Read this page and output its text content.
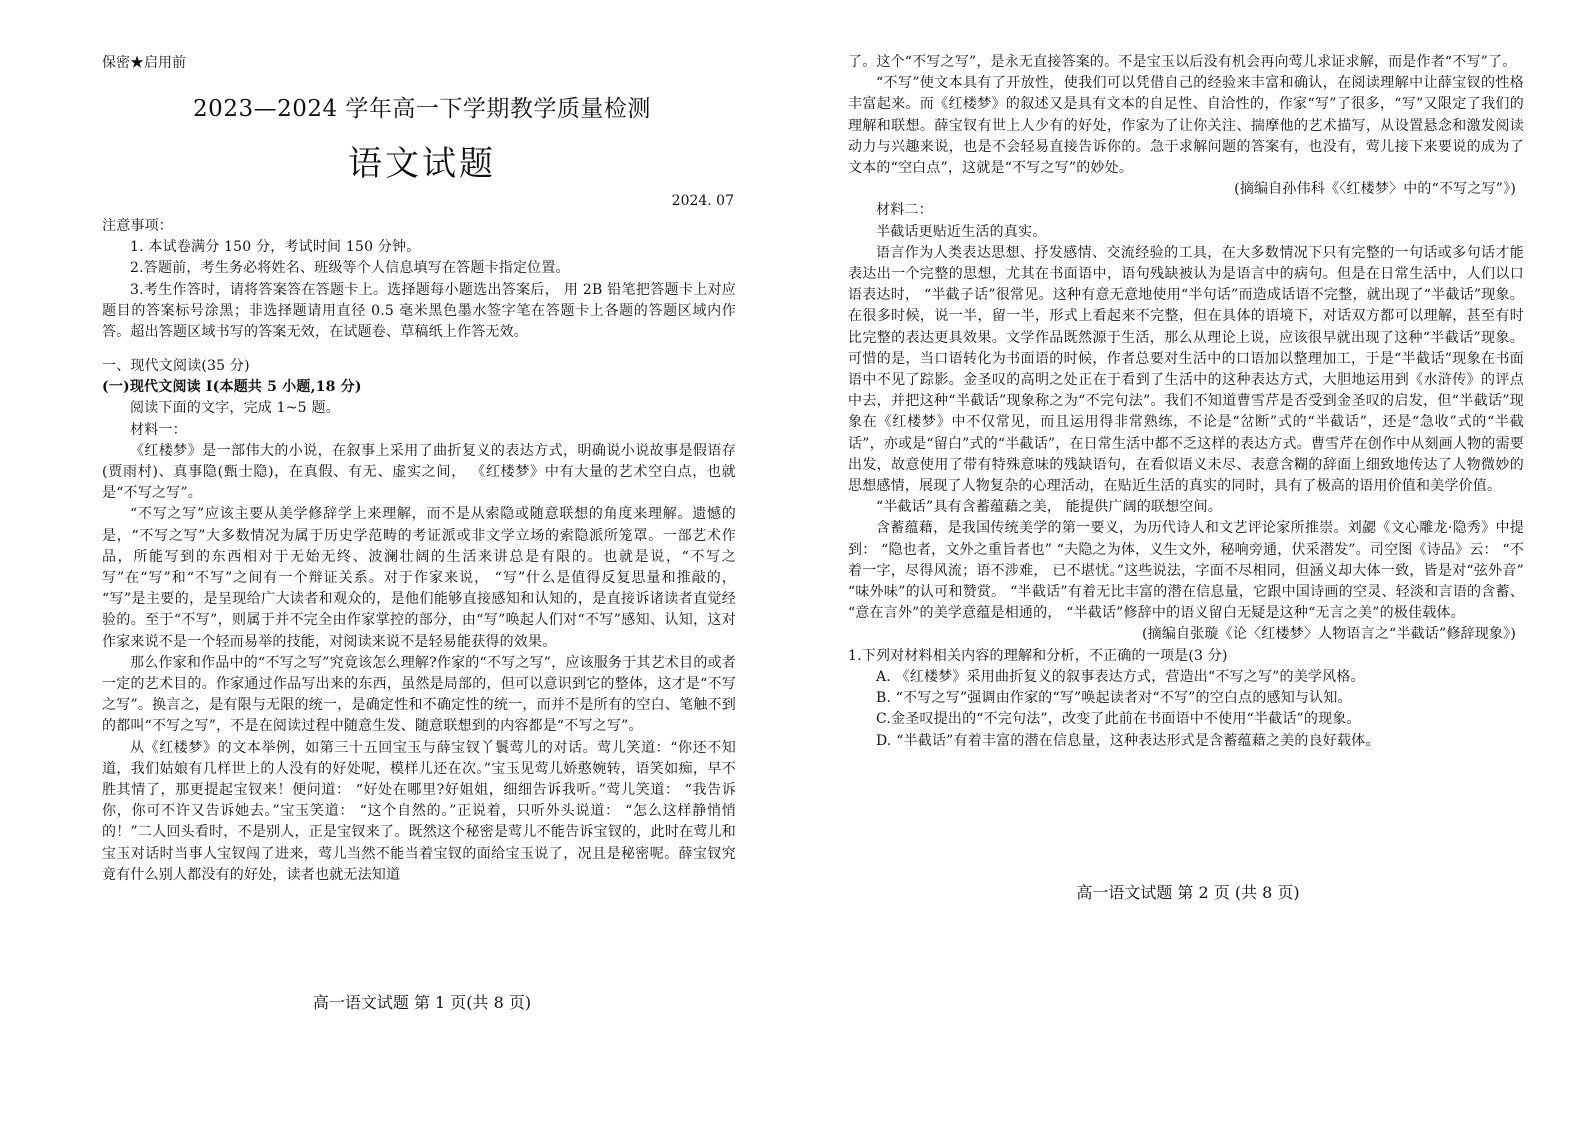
保密★启用前
2023—2024 学年高一下学期教学质量检测
语文试题
2024. 07

注意事项：

1. 本试卷满分 150 分，考试时间 150 分钟。

2.答题前，考生务必将姓名、班级等个人信息填写在答题卡指定位置。

3.考生作答时，请将答案答在答题卡上。选择题每小题选出答案后， 用 2B 铅笔把答题卡上对应题目的答案标号涂黑；非选择题请用直径 0.5 毫米黑色墨水签字笔在答题卡上各题的答题区域内作答。超出答题区域书写的答案无效，在试题卷、草稿纸上作答无效。

一、现代文阅读(35 分)

(一)现代文阅读 I(本题共 5 小题,18 分)

阅读下面的文字，完成 1~5 题。

材料一：

《红楼梦》是一部伟大的小说，在叙事上采用了曲折复义的表达方式，明确说小说故事是假语存(贾雨村)、真事隐(甄士隐)，在真假、有无、虚实之间， 《红楼梦》中有大量的艺术空白点，也就是“不写之写”。

“不写之写”应该主要从美学修辞学上来理解，而不是从索隐或随意联想的角度来理解。遗憾的是，“不写之写”大多数情况为属于历史学范畴的考证派或非文学立场的索隐派所笼罩。一部艺术作品，所能写到的东西相对于无始无终、波澜壮阔的生活来讲总是有限的。也就是说，“不写之写”在“写”和“不写”之间有一个辩证关系。对于作家来说， “写”什么是值得反复思量和推敲的， “写”是主要的，是呈现给广大读者和观众的，是他们能够直接感知和认知的，是直接诉诸读者直觉经验的。至于“不写”，则属于并不完全由作家掌控的部分，由“写”唤起人们对“不写”感知、认知，这对作家来说不是一个轻而易举的技能，对阅读来说不是轻易能获得的效果。

那么作家和作品中的“不写之写”究竟该怎么理解?作家的“不写之写”，应该服务于其艺术目的或者一定的艺术目的。作家通过作品写出来的东西，虽然是局部的，但可以意识到它的整体，这才是“不写之写”。换言之，是有限与无限的统一，是确定性和不确定性的统一，而并不是所有的空白、笔触不到的都叫“不写之写”，不是在阅读过程中随意生发、随意联想到的内容都是“不写之写”。

从《红楼梦》的文本举例，如第三十五回宝玉与薛宝钗丫鬟莺儿的对话。莺儿笑道：“你还不知道，我们姑娘有几样世上的人没有的好处呢，模样儿还在次。”宝玉见莺儿娇憨婉转，语笑如痴，早不胜其情了，那更提起宝钗来！便问道： “好处在哪里?好姐姐，细细告诉我听。”莺儿笑道： “我告诉你，你可不许又告诉她去。”宝玉笑道： “这个自然的。”正说着，只听外头说道： “怎么这样静悄悄的！”二人回头看时，不是别人，正是宝钗来了。既然这个秘密是莺儿不能告诉宝钗的，此时在莺儿和宝玉对话时当事人宝钗闯了进来，莺儿当然不能当着宝钗的面给宝玉说了，况且是秘密呢。薛宝钗究竟有什么别人都没有的好处，读者也就无法知道

高一语文试题 第 1 页(共 8 页)

了。这个“不写之写”，是永无直接答案的。不是宝玉以后没有机会再向莺儿求证求解，而是作者“不写”了。

“不写”使文本具有了开放性，使我们可以凭借自己的经验来丰富和确认，在阅读理解中让薛宝钗的性格丰富起来。而《红楼梦》的叙述又是具有文本的自足性、自洽性的，作家“写”了很多，“写”又限定了我们的理解和联想。薛宝钗有世上人少有的好处，作家为了让你关注、揣摩他的艺术描写，从设置悬念和激发阅读动力与兴趣来说，也是不会轻易直接告诉你的。急于求解问题的答案有，也没有，莺儿接下来要说的成为了文本的“空白点”，这就是“不写之写”的妙处。

(摘编自孙伟科《〈红楼梦〉中的“不写之写”》)

材料二：

半截话更贴近生活的真实。

语言作为人类表达思想、抒发感情、交流经验的工具，在大多数情况下只有完整的一句话或多句话才能表达出一个完整的思想，尤其在书面语中，语句残缺被认为是语言中的病句。但是在日常生活中，人们以口语表达时， “半截子话”很常见。这种有意无意地使用“半句话”而造成话语不完整，就出现了“半截话”现象。在很多时候，说一半，留一半，形式上看起来不完整，但在具体的语境下，对话双方都可以理解，甚至有时比完整的表达更具效果。文学作品既然源于生活，那么从理论上说，应该很早就出现了这种“半截话”现象。可惜的是，当口语转化为书面语的时候，作者总要对生活中的口语加以整理加工，于是“半截话”现象在书面语中不见了踪影。金圣叹的高明之处正在于看到了生活中的这种表达方式，大胆地运用到《水浒传》的评点中去，并把这种“半截话”现象称之为“不完句法”。我们不知道曹雪芹是否受到金圣叹的启发，但“半截话”现象在《红楼梦》中不仅常见，而且运用得非常熟练，不论是“岔断”式的“半截话”，还是“急收”式的“半截话”，亦或是“留白”式的“半截话”，在日常生活中都不乏这样的表达方式。曹雪芹在创作中从刻画人物的需要出发，故意使用了带有特殊意味的残缺语句，在看似语义未尽、表意含糊的辞面上细致地传达了人物微妙的思想感情，展现了人物复杂的心理活动，在贴近生活的真实的同时，具有了极高的语用价值和美学价值。

“半截话”具有含蓄蕴藉之美， 能提供广阔的联想空间。

含蓄蕴藉，是我国传统美学的第一要义，为历代诗人和文艺评论家所推崇。刘勰《文心雕龙·隐秀》中提到： “隐也者，文外之重旨者也” “夫隐之为体，义生文外，秘响旁通，伏采潜发”。司空图《诗品》云： “不着一字，尽得风流；语不涉难， 已不堪忧。”这些说法，字面不尽相同，但涵义却大体一致，皆是对“弦外音” “味外味”的认可和赞赏。 “半截话”有着无比丰富的潜在信息量，它跟中国诗画的空灵、轻淡和言语的含蓄、 “意在言外”的美学意蕴是相通的， “半截话”修辞中的语义留白无疑是这种“无言之美”的极佳载体。

(摘编自张璇《论〈红楼梦〉人物语言之“半截话”修辞现象》)

1.下列对材料相关内容的理解和分析，不正确的一项是(3 分)

A. 《红楼梦》采用曲折复义的叙事表达方式，营造出“不写之写”的美学风格。

B. “不写之写”强调由作家的“写”唤起读者对“不写”的空白点的感知与认知。

C.金圣叹提出的“不完句法”，改变了此前在书面语中不使用“半截话”的现象。

D. “半截话”有着丰富的潜在信息量，这种表达形式是含蓄蕴藉之美的良好载体。

高一语文试题 第 2 页 (共 8 页)
